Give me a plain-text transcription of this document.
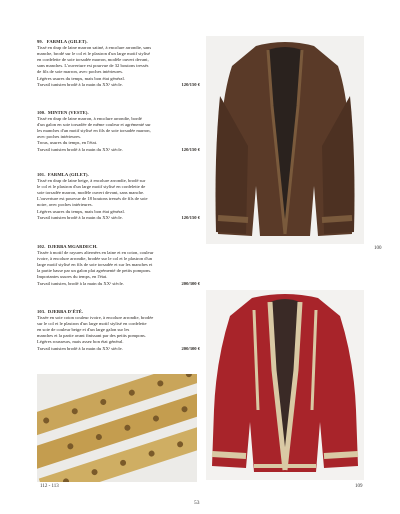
99.   FARMLA (GILET).

Tissé en drap de laine marron satiné, à encolure arrondie, sans

manche, brodé sur le col et le plastron d'un large motif stylisé

en cordelette de soie torsadée marron, modèle ouvert devant,

sans manches. L'ouverture est pourvue de 32 boutons tressés

de fils de soie marron, avec poches intérieures.

Légères usures du temps, mais bon état général.

Travail tunisien brodé à la main du XXᵉ siècle.	120/150 €
100.  MINTEN (VESTE).

Tissé en drap de laine marron, à encolure arrondie, bordé

d'un galon en soie torsadée de même couleur et agrémenté sur

les manches d'un motif stylisé en fils de soie torsadée marron,

avec poches intérieures.

Trous, usures du temps, en l'état.

Travail tunisien brodé à la main du XXᵉ siècle.	120/150 €
101.  FARMLA (GILET).

Tissé en drap de laine beige, à encolure arrondie, brodé sur

le col et le plastron d'un large motif stylisé en cordelette de

soie torsadée marron, modèle ouvert devant, sans manche.

L'ouverture est pourvue de 18 boutons tressés de fils de soie

noire, avec poches intérieures.

Légères usures du temps, mais bon état général.

Travail tunisien brodé à la main du XXᵉ siècle.	120/150 €
102.  DJEBBA MGARDECH.

Tissée à motif de rayures alternées en laine et en coton, couleur

ivoire, à encolure arrondie, brodée sur le col et le plastron d'un

large motif stylisé en fils de soie torsadée et sur les manches et

la partie basse par un galon plat agrémenté de petits pompons.

Importantes usures du temps, en l'état.

Travail tunisien, brodé à la main du XXᵉ siècle.	200/300 €
103.  DJEBBA D'ÉTÉ.

Tissée en soie coton couleur ivoire, à encolure arrondie, brodée

sur le col et le plastron d'un large motif stylisé en cordelette

en soie de couleur beige et d'un large galon sur les

manches et la partie avant finissant par des petits pompons.

Légères rousseurs, mais assez bon état général.

Travail tunisien brodé à la main du XXᵉ siècle.	200/300 €
100
109
112 - 113
53
